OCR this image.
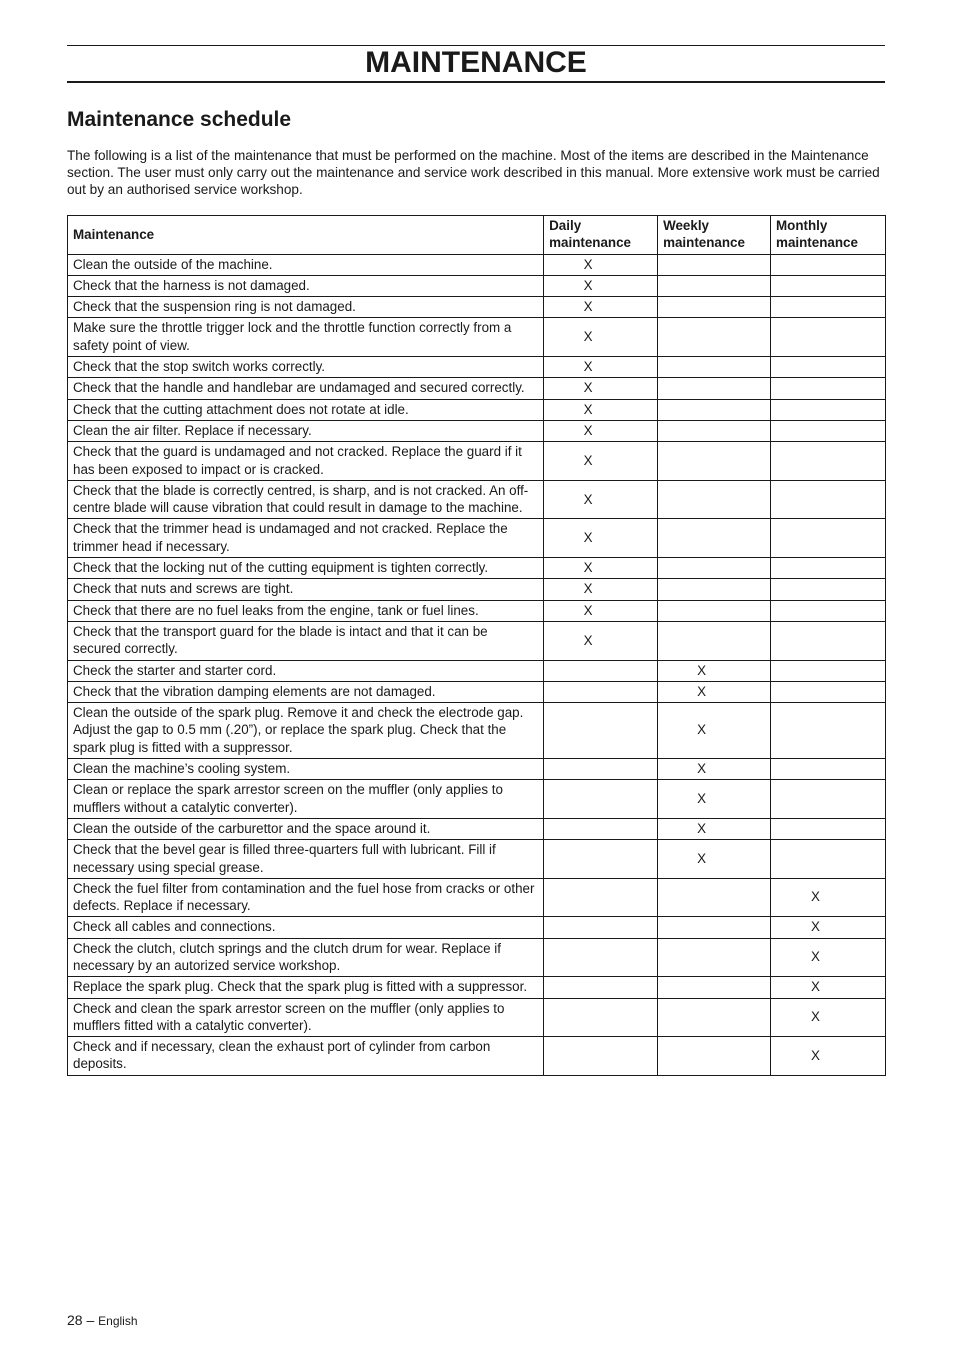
MAINTENANCE
Maintenance schedule

The following is a list of the maintenance that must be performed on the machine. Most of the items are described in the Maintenance section. The user must only carry out the maintenance and service work described in this manual. More extensive work must be carried out by an authorised service workshop.

Maintenance	Daily maintenance	Weekly maintenance	Monthly maintenance
Clean the outside of the machine.	X		
Check that the harness is not damaged.	X		
Check that the suspension ring is not damaged.	X		
Make sure the throttle trigger lock and the throttle function correctly from a safety point of view.	X		
Check that the stop switch works correctly.	X		
Check that the handle and handlebar are undamaged and secured correctly.	X		
Check that the cutting attachment does not rotate at idle.	X		
Clean the air filter. Replace if necessary.	X		
Check that the guard is undamaged and not cracked. Replace the guard if it has been exposed to impact or is cracked.	X		
Check that the blade is correctly centred, is sharp, and is not cracked. An off-centre blade will cause vibration that could result in damage to the machine.	X		
Check that the trimmer head is undamaged and not cracked. Replace the trimmer head if necessary.	X		
Check that the locking nut of the cutting equipment is tighten correctly.	X		
Check that nuts and screws are tight.	X		
Check that there are no fuel leaks from the engine, tank or fuel lines.	X		
Check that the transport guard for the blade is intact and that it can be secured correctly.	X		
Check the starter and starter cord.		X	
Check that the vibration damping elements are not damaged.		X	
Clean the outside of the spark plug. Remove it and check the electrode gap. Adjust the gap to 0.5 mm (.20”), or replace the spark plug. Check that the spark plug is fitted with a suppressor.		X	
Clean the machine’s cooling system.		X	
Clean or replace the spark arrestor screen on the muffler (only applies to mufflers without a catalytic converter).		X	
Clean the outside of the carburettor and the space around it.		X	
Check that the bevel gear is filled three-quarters full with lubricant. Fill if necessary using special grease.		X	
Check the fuel filter from contamination and the fuel hose from cracks or other defects. Replace if necessary.			X
Check all cables and connections.			X
Check the clutch, clutch springs and the clutch drum for wear. Replace if necessary by an autorized service workshop.			X
Replace the spark plug. Check that the spark plug is fitted with a suppressor.			X
Check and clean the spark arrestor screen on the muffler (only applies to mufflers fitted with a catalytic converter).			X
Check and if necessary, clean the exhaust port of cylinder from carbon deposits.			X
28 – English
